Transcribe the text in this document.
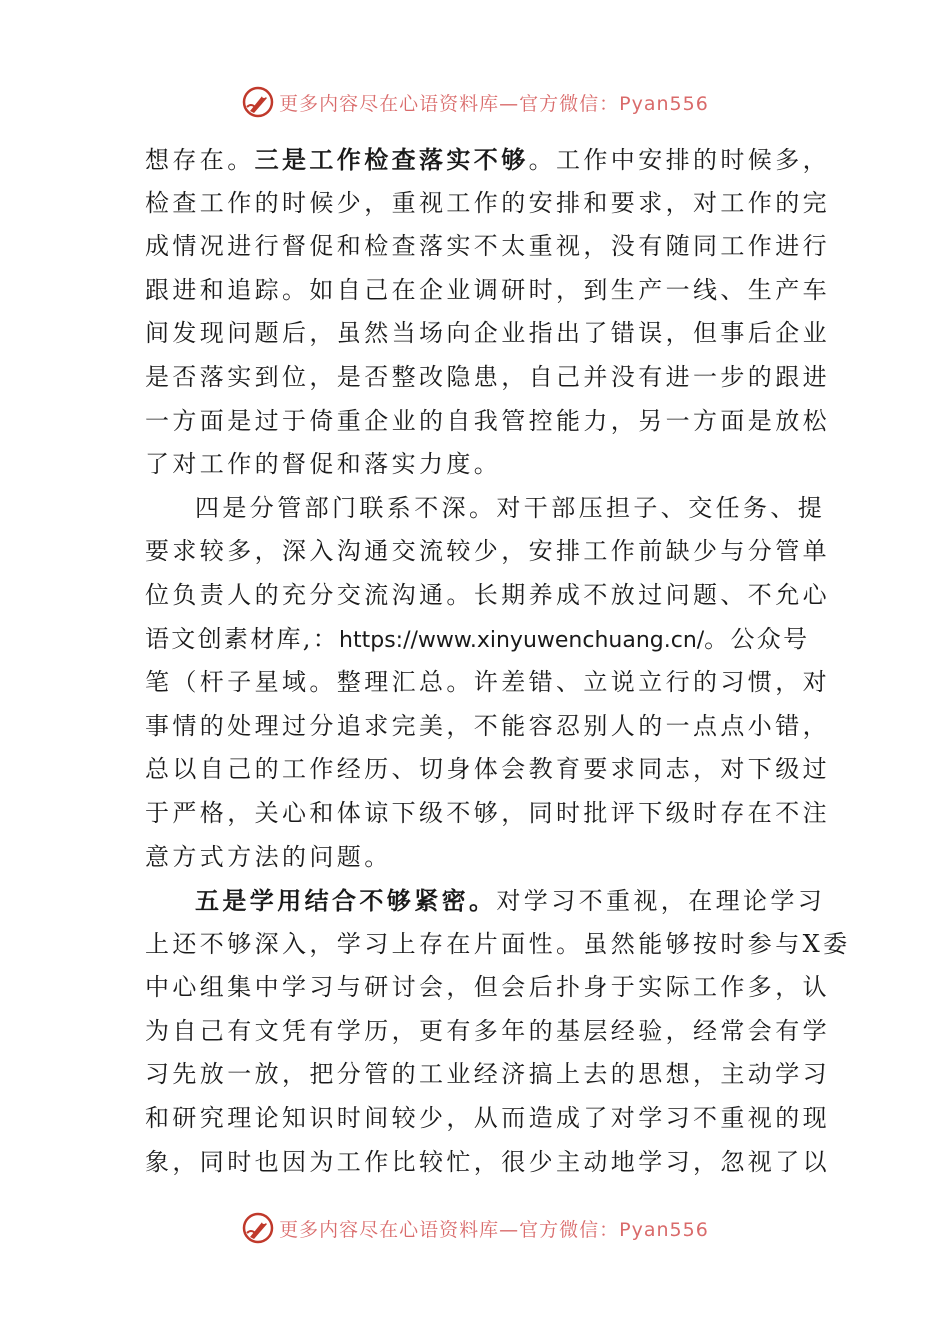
更多内容尽在心语资料库—官方微信：Pyan556
想存在。三是工作检查落实不够。工作中安排的时候多，
检查工作的时候少，重视工作的安排和要求，对工作的完
成情况进行督促和检查落实不太重视，没有随同工作进行
跟进和追踪。如自己在企业调研时，到生产一线、生产车
间发现问题后，虽然当场向企业指出了错误，但事后企业
是否落实到位，是否整改隐患，自己并没有进一步的跟进
一方面是过于倚重企业的自我管控能力，另一方面是放松
了对工作的督促和落实力度。
四是分管部门联系不深。对干部压担子、交任务、提
要求较多，深入沟通交流较少，安排工作前缺少与分管单
位负责人的充分交流沟通。长期养成不放过问题、不允心
语文创素材库,：https://www.xinyuwenchuang.cn/。公众号
笔（杆子星域。整理汇总。许差错、立说立行的习惯，对
事情的处理过分追求完美，不能容忍别人的一点点小错，
总以自己的工作经历、切身体会教育要求同志，对下级过
于严格，关心和体谅下级不够，同时批评下级时存在不注
意方式方法的问题。
五是学用结合不够紧密。对学习不重视，在理论学习
上还不够深入，学习上存在片面性。虽然能够按时参与X委
中心组集中学习与研讨会，但会后扑身于实际工作多，认
为自己有文凭有学历，更有多年的基层经验，经常会有学
习先放一放，把分管的工业经济搞上去的思想，主动学习
和研究理论知识时间较少，从而造成了对学习不重视的现
象，同时也因为工作比较忙，很少主动地学习，忽视了以
更多内容尽在心语资料库—官方微信：Pyan556
